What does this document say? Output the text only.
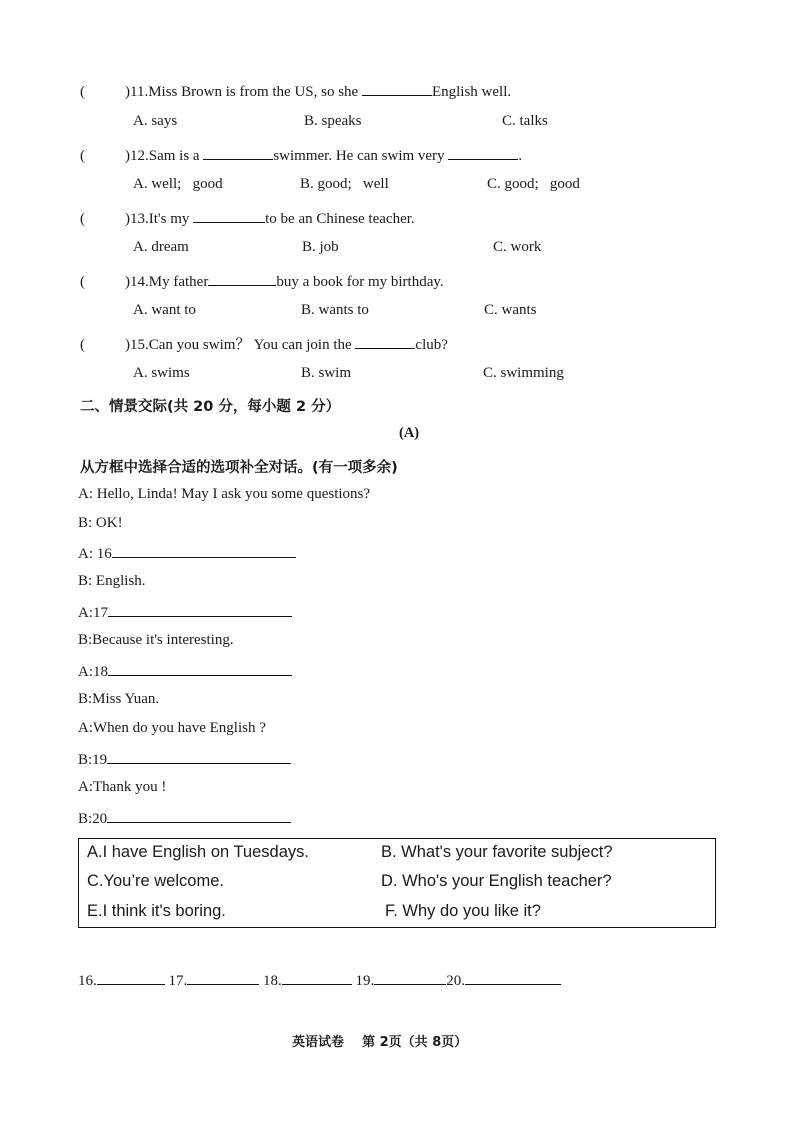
(	)11.Miss Brown is from the US, so she	English well.
A. says	B. speaks	C. talks
(	)12.Sam is a	swimmer. He can swim very	.
A. well;   good	B. good;   well	C. good;   good
(	)13.It's my	to be an Chinese teacher.
A. dream	B. job	C. work
(	)14.My father	buy a book for my birthday.
A. want to	B. wants to	C. wants
(	)15.Can you swim？ You can join the	club?
A. swims	B. swim	C. swimming
二、情景交际(共 20 分，每小题 2 分）
(A)
从方框中选择合适的选项补全对话。(有一项多余)
A: Hello, Linda! May I ask you some questions?
B: OK!
A: 16
B: English.
A:17
B:Because it's interesting.
A:18
B:Miss Yuan.
A:When do you have English ?
B:19
A:Thank you !
B:20
A.I have English on Tuesdays.	B. What's your favorite subject?
C.You’re welcome.	D. Who's your English teacher?
E.I think it's boring.	F. Why do you like it?
16.	17.	18.	19.	20.
英语试卷    第 2页（共 8页）
